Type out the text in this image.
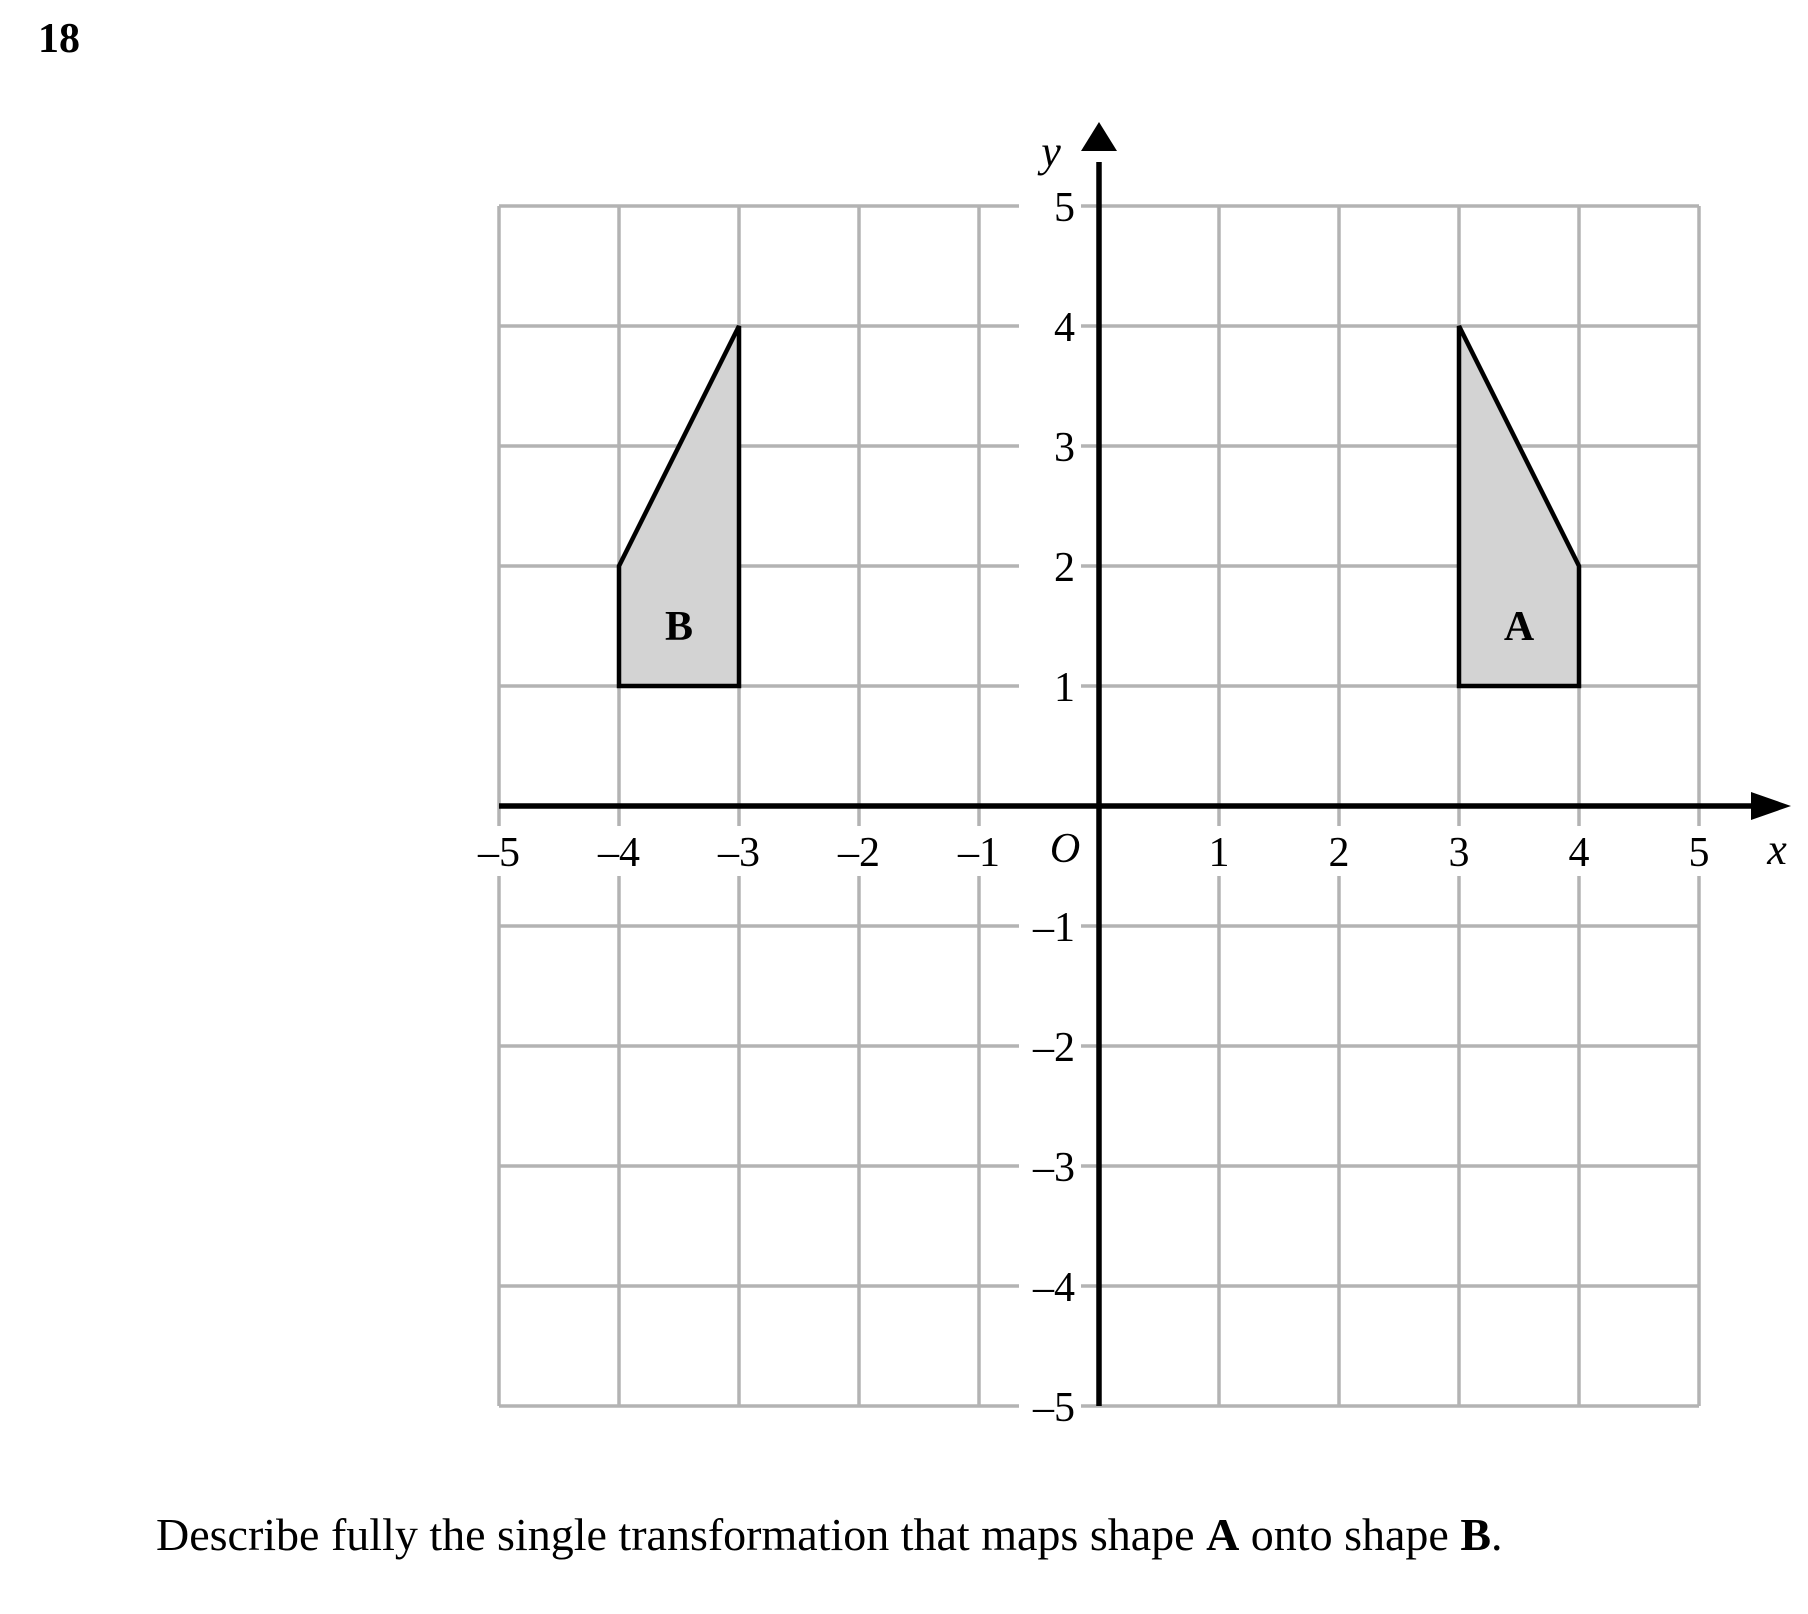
18
–5 –4 –3 –2 –1	1 2 3 4 5
5
4
3
2
1
–1
–2
–3
–4
–5
O	x
y
A
B
Describe fully the single transformation that maps shape A onto shape B.
